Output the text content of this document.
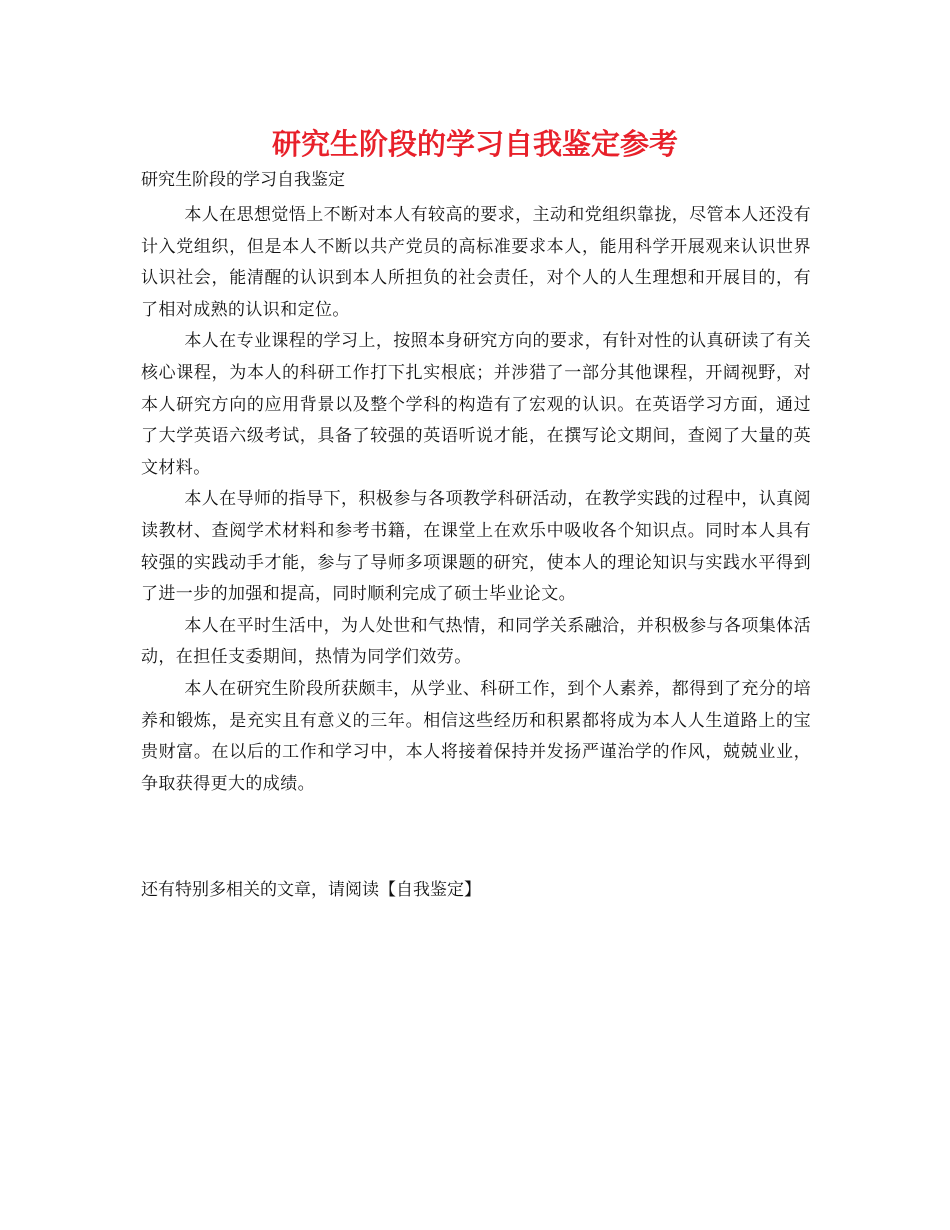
研究生阶段的学习自我鉴定参考

研究生阶段的学习自我鉴定

本人在思想觉悟上不断对本人有较高的要求，主动和党组织靠拢，尽管本人还没有计入党组织，但是本人不断以共产党员的高标准要求本人，能用科学开展观来认识世界认识社会，能清醒的认识到本人所担负的社会责任，对个人的人生理想和开展目的，有了相对成熟的认识和定位。

本人在专业课程的学习上，按照本身研究方向的要求，有针对性的认真研读了有关核心课程，为本人的科研工作打下扎实根底；并涉猎了一部分其他课程，开阔视野，对本人研究方向的应用背景以及整个学科的构造有了宏观的认识。在英语学习方面，通过了大学英语六级考试，具备了较强的英语听说才能，在撰写论文期间，查阅了大量的英文材料。

本人在导师的指导下，积极参与各项教学科研活动，在教学实践的过程中，认真阅读教材、查阅学术材料和参考书籍，在课堂上在欢乐中吸收各个知识点。同时本人具有较强的实践动手才能，参与了导师多项课题的研究，使本人的理论知识与实践水平得到了进一步的加强和提高，同时顺利完成了硕士毕业论文。

本人在平时生活中，为人处世和气热情，和同学关系融洽，并积极参与各项集体活动，在担任支委期间，热情为同学们效劳。

本人在研究生阶段所获颇丰，从学业、科研工作，到个人素养，都得到了充分的培养和锻炼，是充实且有意义的三年。相信这些经历和积累都将成为本人人生道路上的宝贵财富。在以后的工作和学习中，本人将接着保持并发扬严谨治学的作风，兢兢业业，争取获得更大的成绩。

还有特别多相关的文章，请阅读【自我鉴定】
